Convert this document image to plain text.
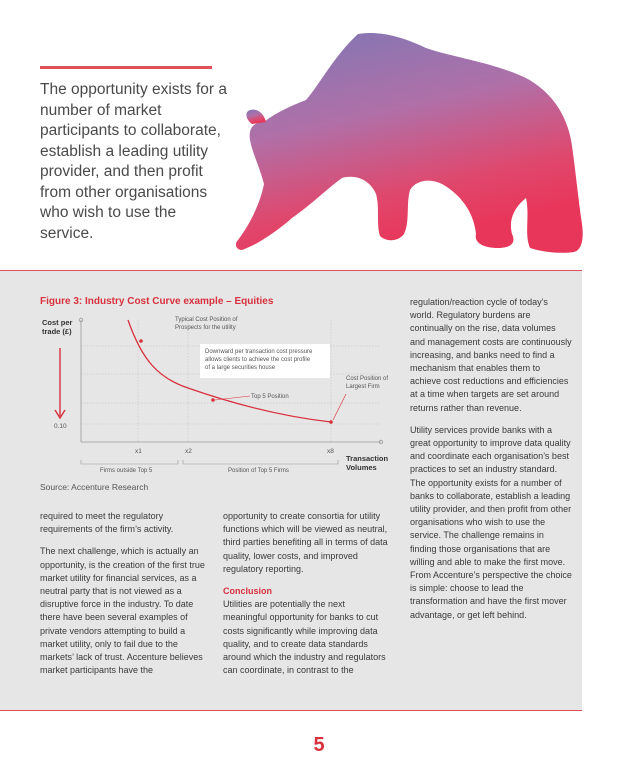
The opportunity exists for a number of market participants to collaborate, establish a leading utility provider, and then profit from other organisations who wish to use the service.
Figure 3: Industry Cost Curve example – Equities
Cost per trade (£)
Typical Cost Position of Prospects for the utility
Downward per transaction cost pressure allows clients to achieve the cost profile of a large securities house
Top 5 Position
Cost Position of Largest Firm
0.10
x1	x2	x8
Firms outside Top 5	Position of Top 5 Firms
Transaction Volumes
Source: Accenture Research

required to meet the regulatory requirements of the firm’s activity.

The next challenge, which is actually an opportunity, is the creation of the first true market utility for financial services, as a neutral party that is not viewed as a disruptive force in the industry. To date there have been several examples of private vendors attempting to build a market utility, only to fail due to the markets’ lack of trust. Accenture believes market participants have the

opportunity to create consortia for utility functions which will be viewed as neutral, third parties benefiting all in terms of data quality, lower costs, and improved regulatory reporting.

Conclusion

Utilities are potentially the next meaningful opportunity for banks to cut costs significantly while improving data quality, and to create data standards around which the industry and regulators can coordinate, in contrast to the

regulation/reaction cycle of today’s world. Regulatory burdens are continually on the rise, data volumes and management costs are continuously increasing, and banks need to find a mechanism that enables them to achieve cost reductions and efficiencies at a time when targets are set around returns rather than revenue.

Utility services provide banks with a great opportunity to improve data quality and coordinate each organisation’s best practices to set an industry standard. The opportunity exists for a number of banks to collaborate, establish a leading utility provider, and then profit from other organisations who wish to use the service. The challenge remains in finding those organisations that are willing and able to make the first move. From Accenture’s perspective the choice is simple: choose to lead the transformation and have the first mover advantage, or get left behind.

5
